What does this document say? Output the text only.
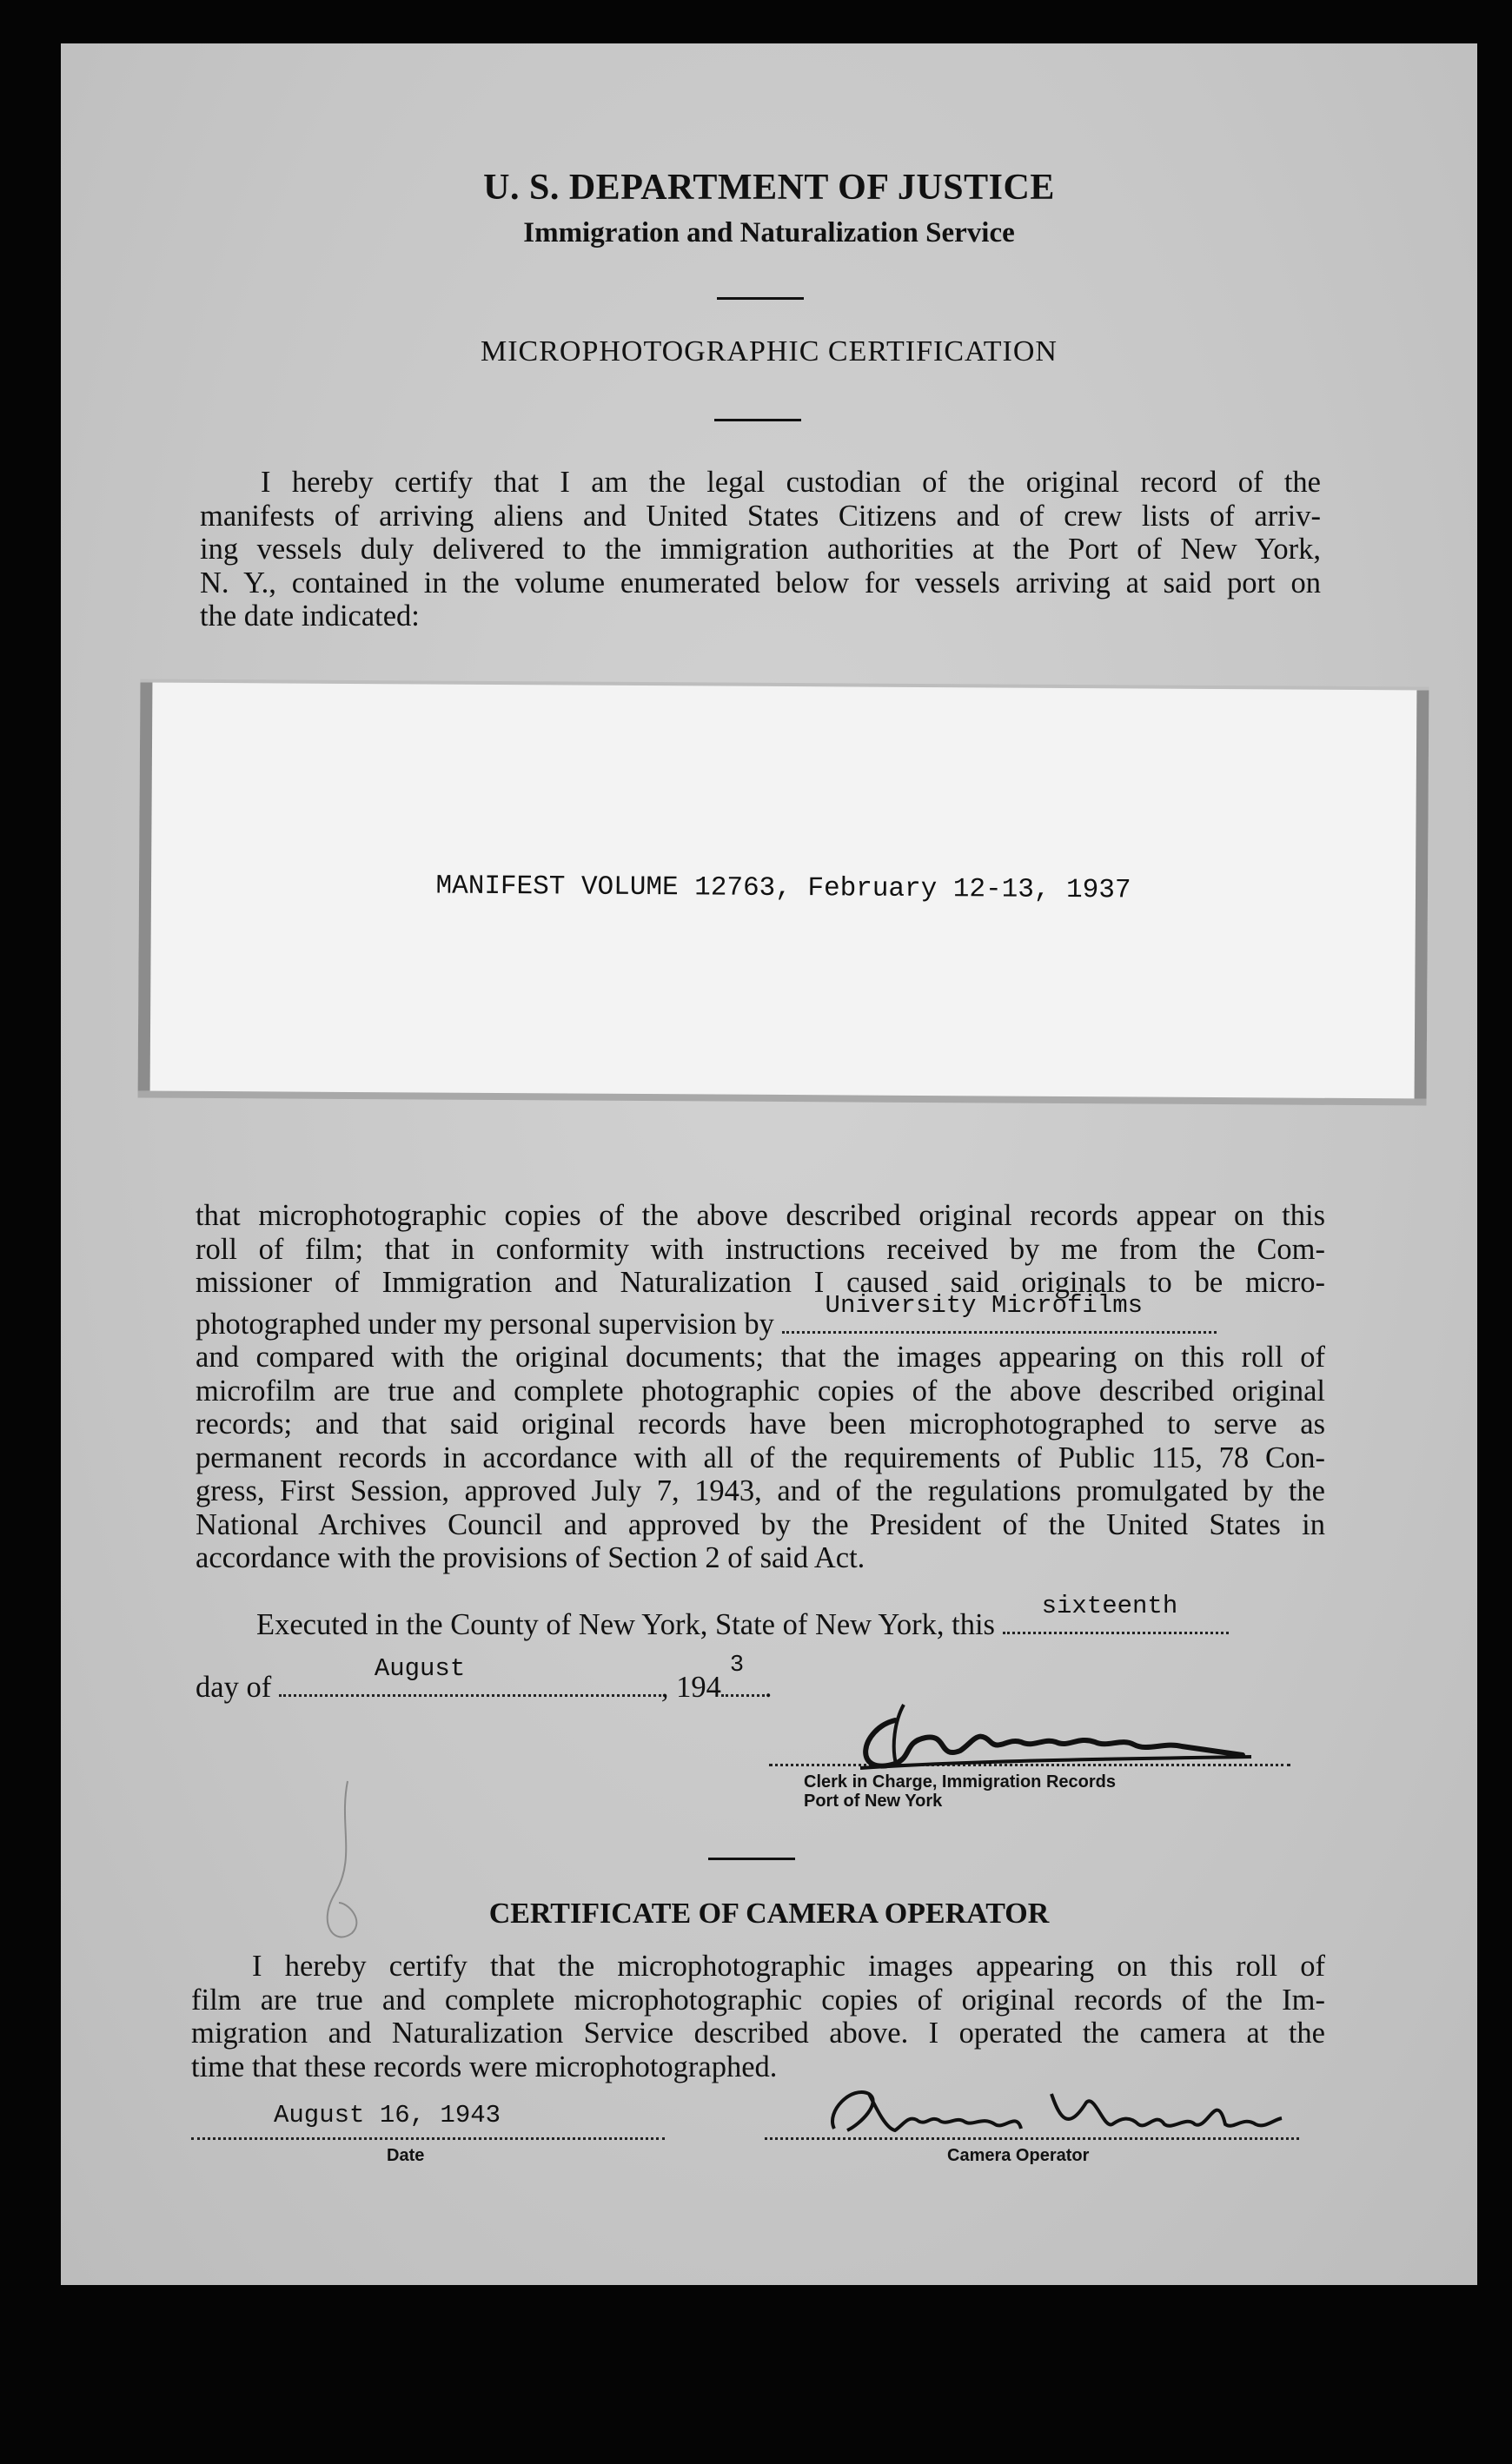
U. S. DEPARTMENT OF JUSTICE
Immigration and Naturalization Service
MICROPHOTOGRAPHIC CERTIFICATION
I hereby certify that I am the legal custodian of the original record of the
manifests of arriving aliens and United States Citizens and of crew lists of arriv-
ing vessels duly delivered to the immigration authorities at the Port of New York,
N. Y., contained in the volume enumerated below for vessels arriving at said port on
the date indicated:
MANIFEST VOLUME 12763, February 12-13, 1937
that microphotographic copies of the above described original records appear on this
roll of film; that in conformity with instructions received by me from the Com-
missioner of Immigration and Naturalization I caused said originals to be micro-
photographed under my personal supervision by
University Microfilms
and compared with the original documents; that the images appearing on this roll of
microfilm are true and complete photographic copies of the above described original
records; and that said original records have been microphotographed to serve as
permanent records in accordance with all of the requirements of Public 115, 78 Con-
gress, First Session, approved July 7, 1943, and of the regulations promulgated by the
National Archives Council and approved by the President of the United States in
accordance with the provisions of Section 2 of said Act.
Executed in the County of New York, State of New York, this
sixteenth
day of
August
, 194
3
.
Clerk in Charge, Immigration Records
Port of New York
CERTIFICATE OF CAMERA OPERATOR
I hereby certify that the microphotographic images appearing on this roll of
film are true and complete microphotographic copies of original records of the Im-
migration and Naturalization Service described above. I operated the camera at the
time that these records were microphotographed.
August 16, 1943
Date	Camera Operator
